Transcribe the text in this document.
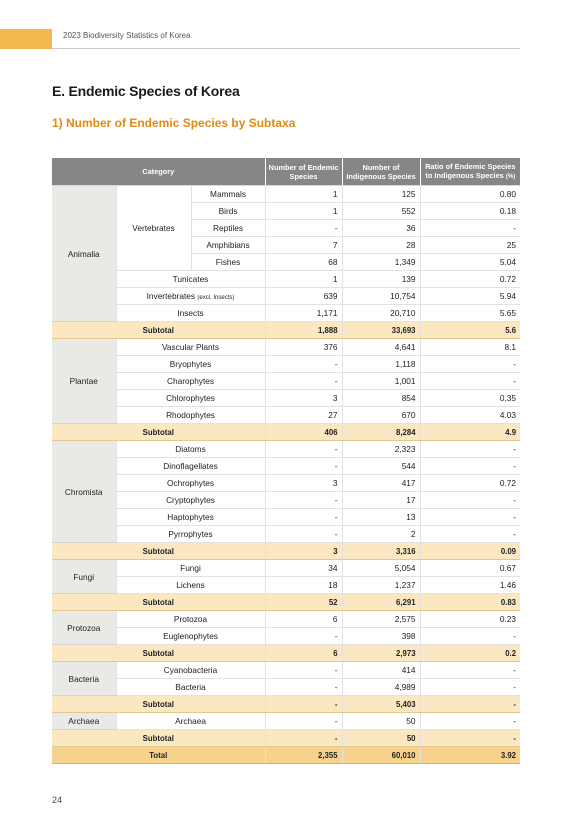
2023 Biodiversity Statistics of Korea
E. Endemic Species of Korea
1) Number of Endemic Species by Subtaxa
Category			Number of Endemic Species	Number of Indigenous Species	Ratio of Endemic Species to Indigenous Species (%)
Animalia	Vertebrates	Mammals	1	125	0.80
		Birds	1	552	0.18
		Reptiles	-	36	-
		Amphibians	7	28	25
		Fishes	68	1,349	5.04
	Tunicates		1	139	0.72
	Invertebrates (excl. Insects)		639	10,754	5.94
	Insects		1,171	20,710	5.65
Subtotal			1,888	33,693	5.6
Plantae	Vascular Plants		376	4,641	8.1
	Bryophytes		-	1,118	-
	Charophytes		-	1,001	-
	Chlorophytes		3	854	0.35
	Rhodophytes		27	670	4.03
Subtotal			406	8,284	4.9
Chromista	Diatoms		-	2,323	-
	Dinoflagellates		-	544	-
	Ochrophytes		3	417	0.72
	Cryptophytes		-	17	-
	Haptophytes		-	13	-
	Pyrrophytes		-	2	-
Subtotal			3	3,316	0.09
Fungi	Fungi		34	5,054	0.67
	Lichens		18	1,237	1.46
Subtotal			52	6,291	0.83
Protozoa	Protozoa		6	2,575	0.23
	Euglenophytes		-	398	-
Subtotal			6	2,973	0.2
Bacteria	Cyanobacteria		-	414	-
	Bacteria		-	4,989	-
Subtotal			-	5,403	-
Archaea	Archaea		-	50	-
Subtotal			-	50	-
Total			2,355	60,010	3.92
24
